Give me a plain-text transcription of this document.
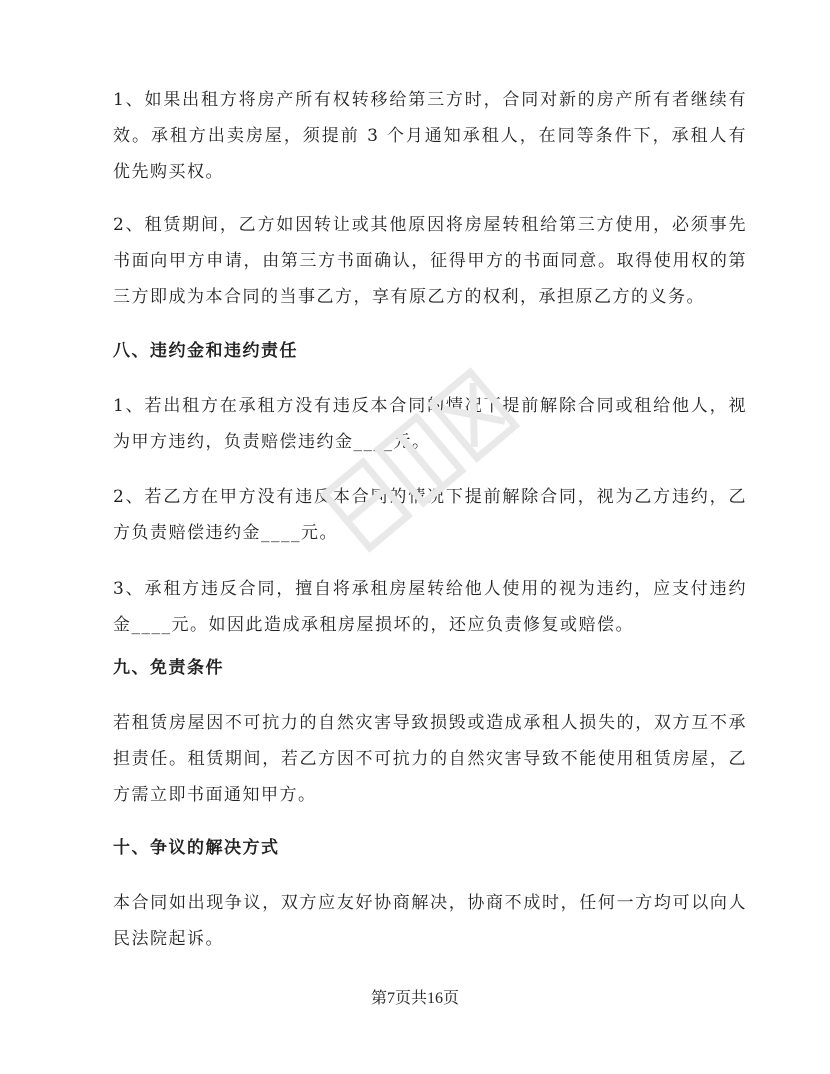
1、如果出租方将房产所有权转移给第三方时，合同对新的房产所有者继续有效。承租方出卖房屋，须提前 3 个月通知承租人，在同等条件下，承租人有优先购买权。

2、租赁期间，乙方如因转让或其他原因将房屋转租给第三方使用，必须事先书面向甲方申请，由第三方书面确认，征得甲方的书面同意。取得使用权的第三方即成为本合同的当事乙方，享有原乙方的权利，承担原乙方的义务。

八、违约金和违约责任

1、若出租方在承租方没有违反本合同的情况下提前解除合同或租给他人，视为甲方违约，负责赔偿违约金____元。

2、若乙方在甲方没有违反本合同的情况下提前解除合同，视为乙方违约，乙方负责赔偿违约金____元。

3、承租方违反合同，擅自将承租房屋转给他人使用的视为违约，应支付违约金____元。如因此造成承租房屋损坏的，还应负责修复或赔偿。

九、免责条件

若租赁房屋因不可抗力的自然灾害导致损毁或造成承租人损失的，双方互不承担责任。租赁期间，若乙方因不可抗力的自然灾害导致不能使用租赁房屋，乙方需立即书面通知甲方。

十、争议的解决方式

本合同如出现争议，双方应友好协商解决，协商不成时，任何一方均可以向人民法院起诉。

第7页共16页
